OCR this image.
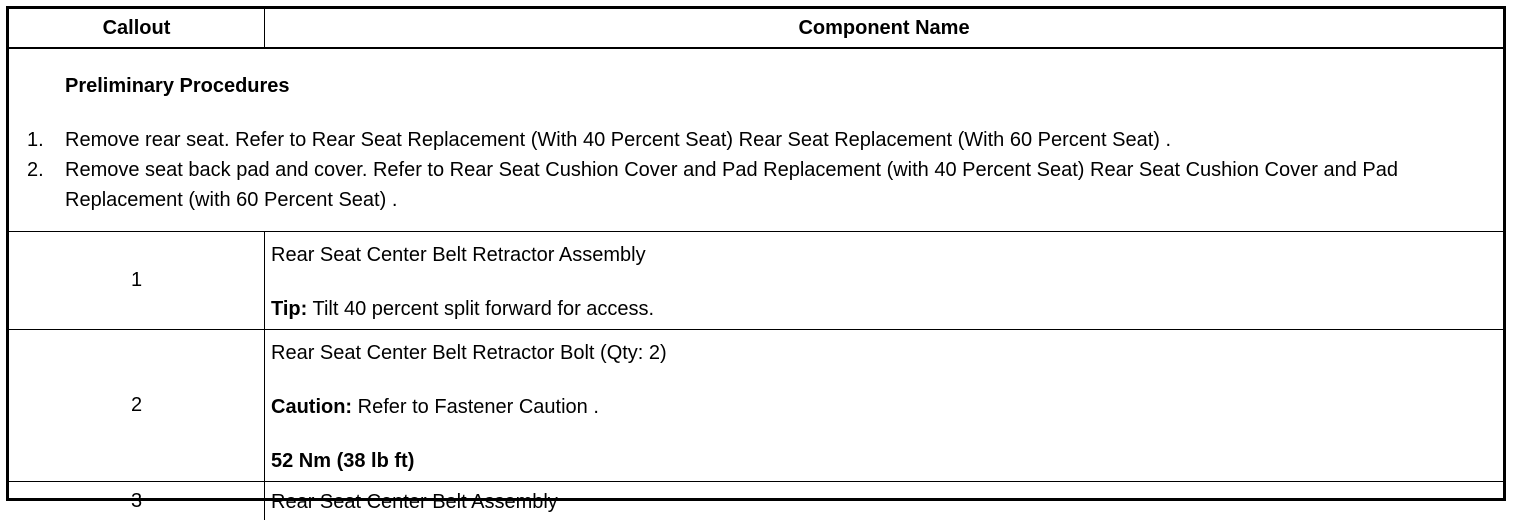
Callout	Component Name

Preliminary Procedures
1. Remove rear seat. Refer to Rear Seat Replacement (With 40 Percent Seat) Rear Seat Replacement (With 60 Percent Seat) .
2. Remove seat back pad and cover. Refer to Rear Seat Cushion Cover and Pad Replacement (with 40 Percent Seat) Rear Seat Cushion Cover and Pad Replacement (with 60 Percent Seat) .	

1	Rear Seat Center Belt Retractor Assembly

Tip: Tilt 40 percent split forward for access.

2	Rear Seat Center Belt Retractor Bolt (Qty: 2)

Caution: Refer to Fastener Caution .

52 Nm (38 lb ft)

3	Rear Seat Center Belt Assembly
